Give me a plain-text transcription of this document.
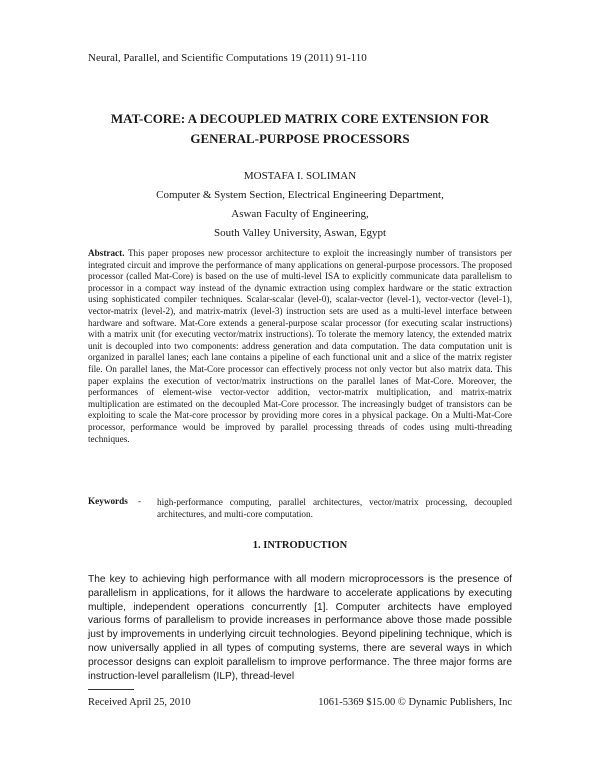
Neural, Parallel, and Scientific Computations 19 (2011) 91-110
MAT-CORE: A DECOUPLED MATRIX CORE EXTENSION FOR
GENERAL-PURPOSE PROCESSORS
MOSTAFA I. SOLIMAN
Computer & System Section, Electrical Engineering Department,
Aswan Faculty of Engineering,
South Valley University, Aswan, Egypt
Abstract. This paper proposes new processor architecture to exploit the increasingly number of transistors per integrated circuit and improve the performance of many applications on general-purpose processors. The proposed processor (called Mat-Core) is based on the use of multi-level ISA to explicitly communicate data parallelism to processor in a compact way instead of the dynamic extraction using complex hardware or the static extraction using sophisticated compiler techniques. Scalar-scalar (level-0), scalar-vector (level-1), vector-vector (level-1), vector-matrix (level-2), and matrix-matrix (level-3) instruction sets are used as a multi-level interface between hardware and software. Mat-Core extends a general-purpose scalar processor (for executing scalar instructions) with a matrix unit (for executing vector/matrix instructions). To tolerate the memory latency, the extended matrix unit is decoupled into two components: address generation and data computation. The data computation unit is organized in parallel lanes; each lane contains a pipeline of each functional unit and a slice of the matrix register file. On parallel lanes, the Mat-Core processor can effectively process not only vector but also matrix data. This paper explains the execution of vector/matrix instructions on the parallel lanes of Mat-Core. Moreover, the performances of element-wise vector-vector addition, vector-matrix multiplication, and matrix-matrix multiplication are estimated on the decoupled Mat-Core processor. The increasingly budget of transistors can be exploiting to scale the Mat-core processor by providing more cores in a physical package. On a Multi-Mat-Core processor, performance would be improved by parallel processing threads of codes using multi-threading techniques.
Keywords - high-performance computing, parallel architectures, vector/matrix processing, decoupled architectures, and multi-core computation.
1. INTRODUCTION
The key to achieving high performance with all modern microprocessors is the presence of parallelism in applications, for it allows the hardware to accelerate applications by executing multiple, independent operations concurrently [1]. Computer architects have employed various forms of parallelism to provide increases in performance above those made possible just by improvements in underlying circuit technologies. Beyond pipelining technique, which is now universally applied in all types of computing systems, there are several ways in which processor designs can exploit parallelism to improve performance. The three major forms are instruction-level parallelism (ILP), thread-level
Received April 25, 2010	1061-5369 $15.00 © Dynamic Publishers, Inc
